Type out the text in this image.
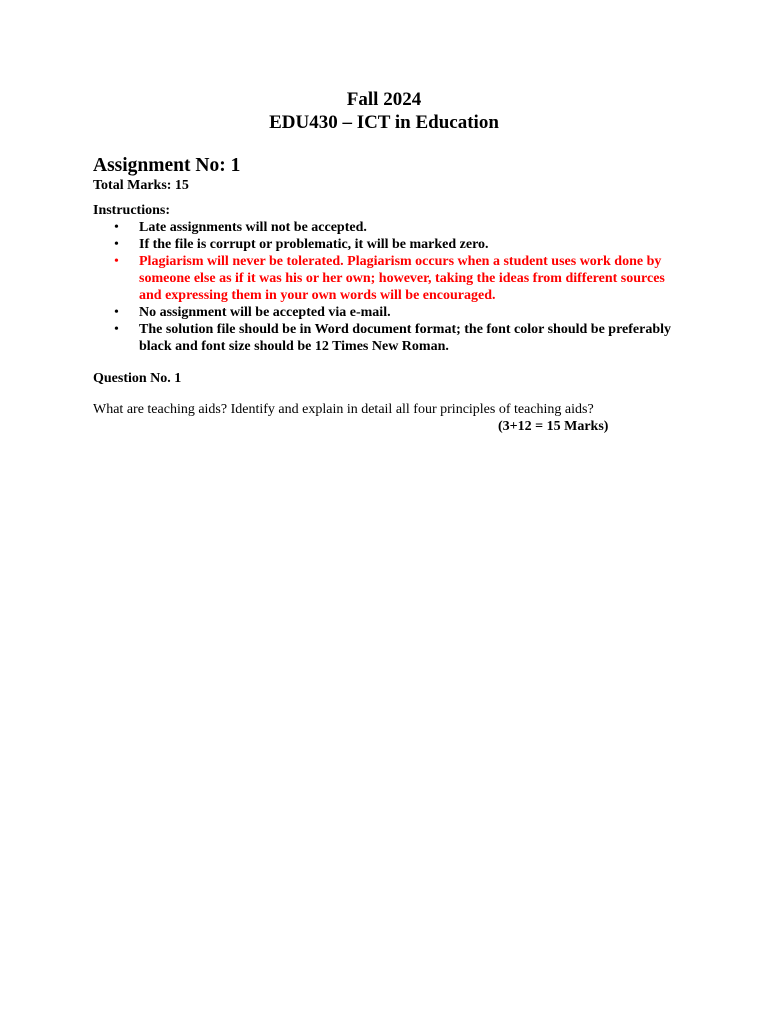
Fall 2024
EDU430 – ICT in Education
Assignment No: 1
Total Marks: 15
Instructions:
• Late assignments will not be accepted.
• If the file is corrupt or problematic, it will be marked zero.
• Plagiarism will never be tolerated. Plagiarism occurs when a student uses work done by someone else as if it was his or her own; however, taking the ideas from different sources and expressing them in your own words will be encouraged.
• No assignment will be accepted via e-mail.
• The solution file should be in Word document format; the font color should be preferably black and font size should be 12 Times New Roman.
Question No. 1
What are teaching aids? Identify and explain in detail all four principles of teaching aids?
(3+12 = 15 Marks)
